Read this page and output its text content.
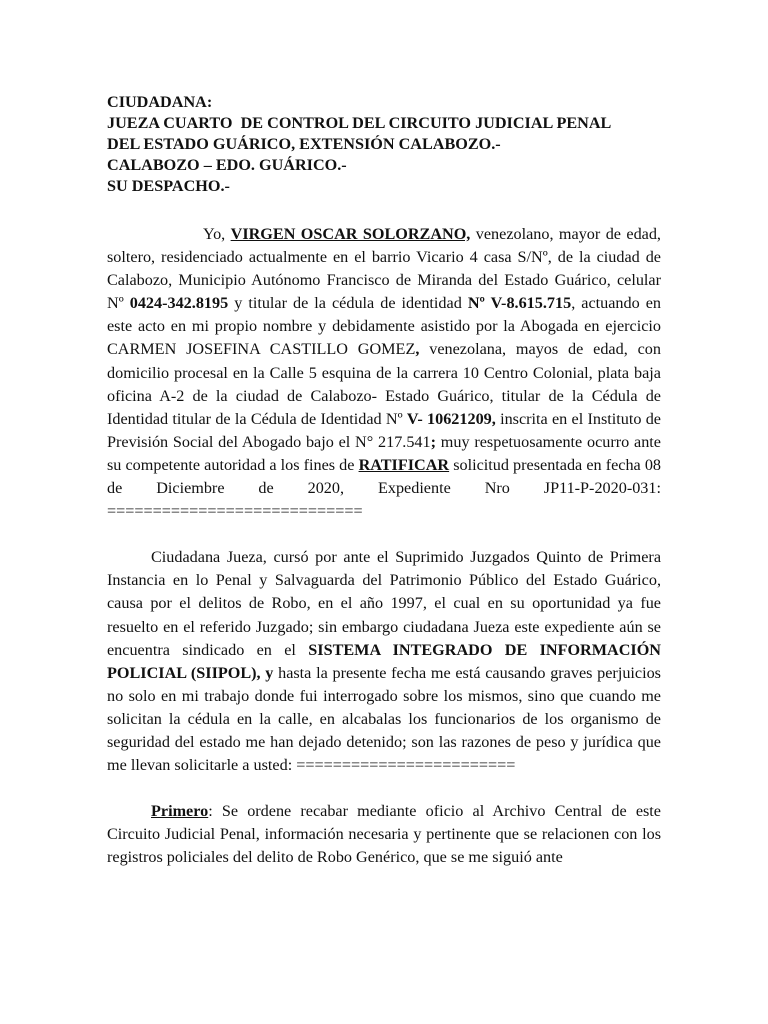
CIUDADANA:
JUEZA CUARTO  DE CONTROL DEL CIRCUITO JUDICIAL PENAL
DEL ESTADO GUÁRICO, EXTENSIÓN CALABOZO.-
CALABOZO – EDO. GUÁRICO.-
SU DESPACHO.-

Yo, VIRGEN OSCAR SOLORZANO, venezolano, mayor de edad, soltero, residenciado actualmente en el barrio Vicario 4 casa S/Nº, de la ciudad de Calabozo, Municipio Autónomo Francisco de Miranda del Estado Guárico, celular Nº 0424-342.8195 y titular de la cédula de identidad Nº V-8.615.715, actuando en este acto en mi propio nombre y debidamente asistido por la Abogada en ejercicio CARMEN JOSEFINA CASTILLO GOMEZ, venezolana, mayos de edad, con domicilio procesal en la Calle 5 esquina de la carrera 10 Centro Colonial, plata baja oficina A-2 de la ciudad de Calabozo- Estado Guárico, titular de la Cédula de Identidad titular de la Cédula de Identidad Nº V- 10621209, inscrita en el Instituto de Previsión Social del Abogado bajo el N° 217.541; muy respetuosamente ocurro ante su competente autoridad a los fines de RATIFICAR solicitud presentada en fecha 08 de Diciembre de 2020, Expediente Nro JP11-P-2020-031: ============================

Ciudadana Jueza, cursó por ante el Suprimido Juzgados Quinto de Primera Instancia en lo Penal y Salvaguarda del Patrimonio Público del Estado Guárico, causa por el delitos de Robo, en el año 1997, el cual en su oportunidad ya fue resuelto en el referido Juzgado; sin embargo ciudadana Jueza este expediente aún se encuentra sindicado en el SISTEMA INTEGRADO DE INFORMACIÓN POLICIAL (SIIPOL), y hasta la presente fecha me está causando graves perjuicios no solo en mi trabajo donde fui interrogado sobre los mismos, sino que cuando me solicitan la cédula en la calle, en alcabalas los funcionarios de los organismo de seguridad del estado me han dejado detenido; son las razones de peso y jurídica que me llevan solicitarle a usted: ========================

Primero: Se ordene recabar mediante oficio al Archivo Central de este Circuito Judicial Penal, información necesaria y pertinente que se relacionen con los registros policiales del delito de Robo Genérico, que se me siguió ante
